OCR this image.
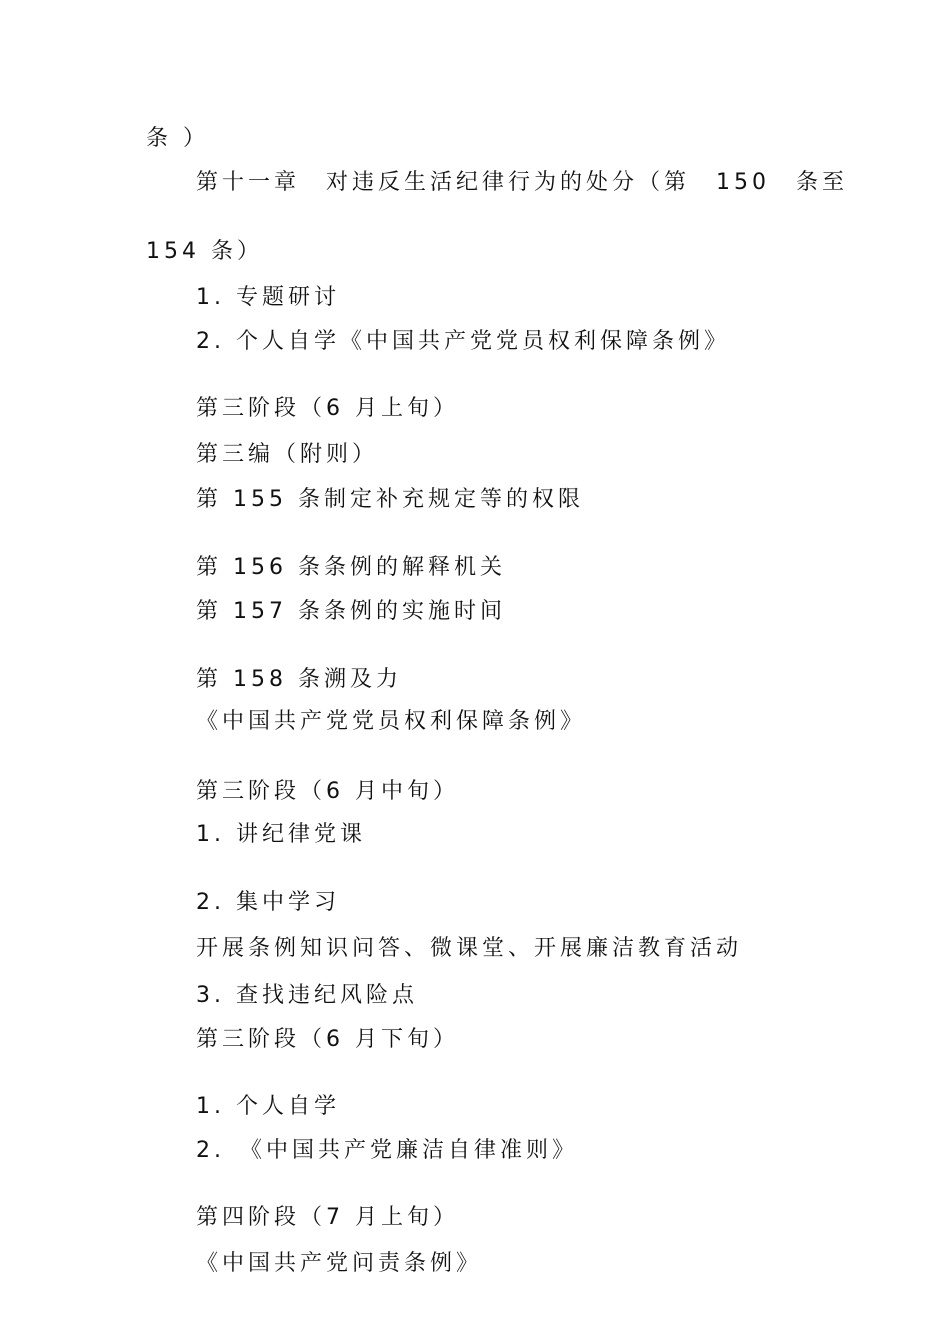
条 ）
第十一章　对违反生活纪律行为的处分（第　150　条至
154 条）
1. 专题研讨
2. 个人自学《中国共产党党员权利保障条例》
第三阶段（6 月上旬）
第三编（附则）
第 155 条制定补充规定等的权限
第 156 条条例的解释机关
第 157 条条例的实施时间
第 158 条溯及力
《中国共产党党员权利保障条例》
第三阶段（6 月中旬）
1. 讲纪律党课
2. 集中学习
开展条例知识问答、微课堂、开展廉洁教育活动
3. 查找违纪风险点
第三阶段（6 月下旬）
1. 个人自学
2.　《中国共产党廉洁自律准则》
第四阶段（7 月上旬）
《中国共产党问责条例》
